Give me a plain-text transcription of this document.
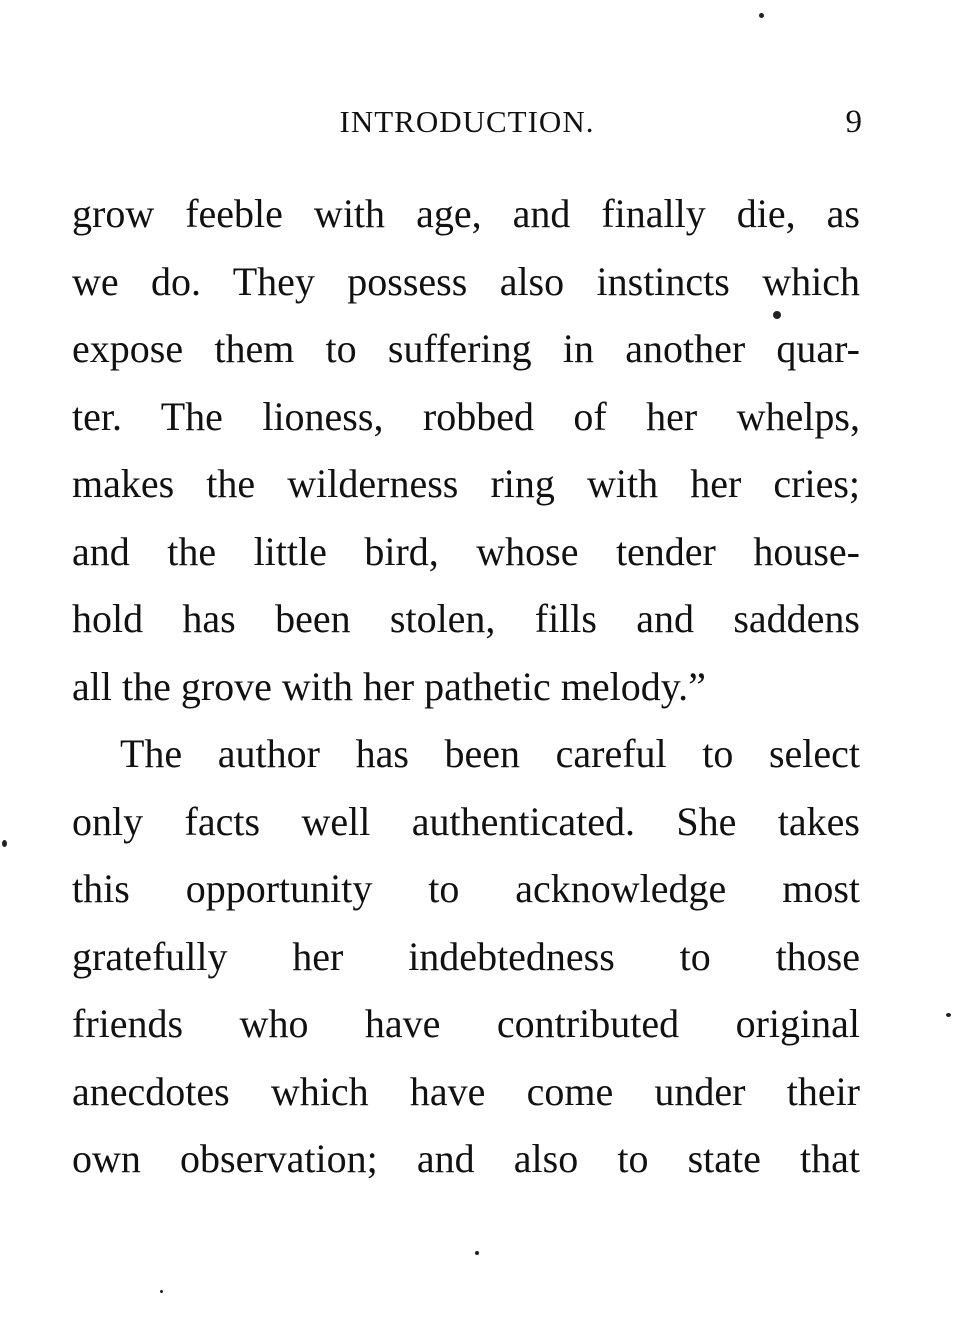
INTRODUCTION.	9
grow feeble with age, and finally die, as
we do. They possess also instincts which
expose them to suffering in another quar-
ter. The lioness, robbed of her whelps,
makes the wilderness ring with her cries;
and the little bird, whose tender house-
hold has been stolen, fills and saddens
all the grove with her pathetic melody.”
The author has been careful to select
only facts well authenticated. She takes
this opportunity to acknowledge most
gratefully her indebtedness to those
friends who have contributed original
anecdotes which have come under their
own observation; and also to state that
